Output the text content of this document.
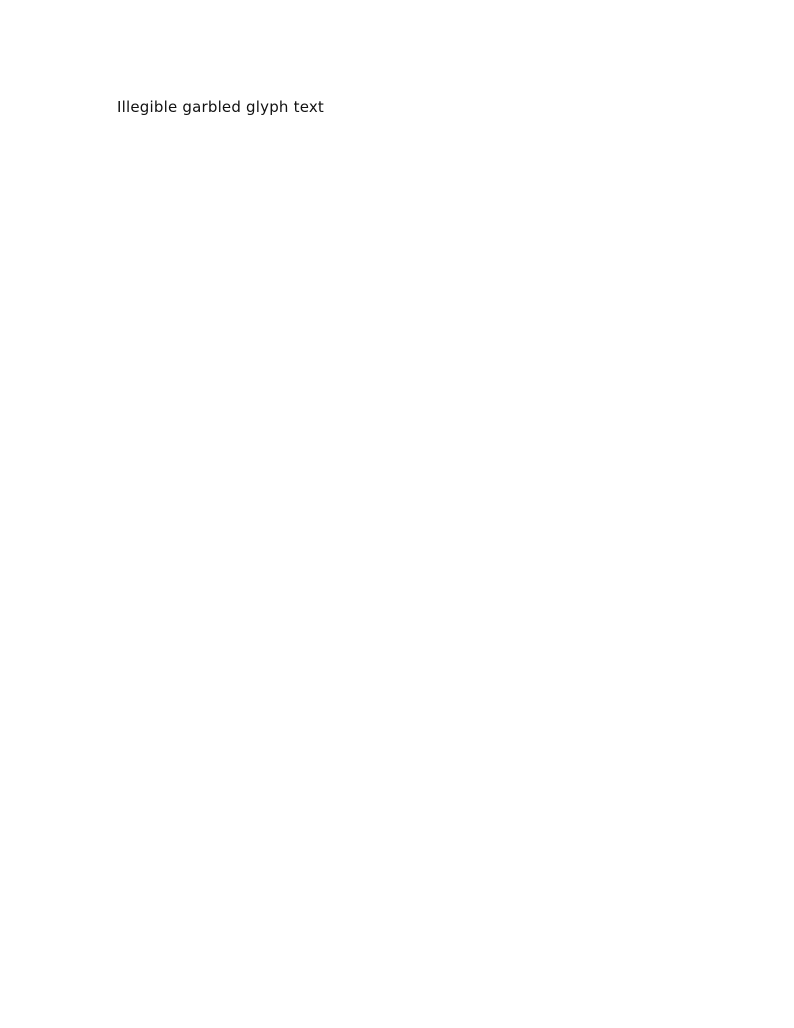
Illegible garbled glyph text
